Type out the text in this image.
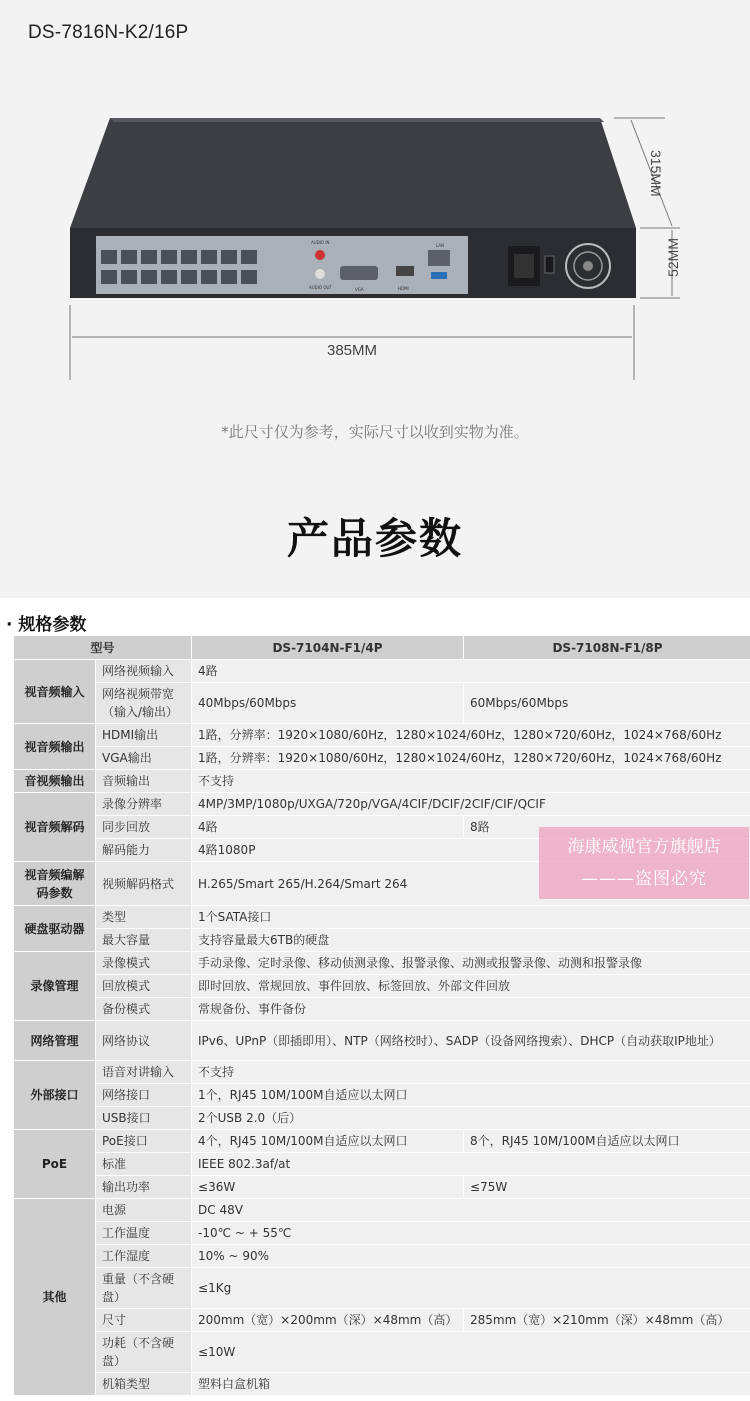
DS-7816N-K2/16P
AUDIO IN
AUDIO OUT	VGA	HDMI
LAN
315MM
52MM
385MM
*此尺寸仅为参考，实际尺寸以收到实物为准。
产品参数
· 规格参数
型号		DS-7104N-F1/4P	DS-7108N-F1/8P
视音频输入	网络视频输入	4路	
	网络视频带宽（输入/输出）	40Mbps/60Mbps	60Mbps/60Mbps
视音频输出	HDMI输出	1路，分辨率：1920×1080/60Hz，1280×1024/60Hz，1280×720/60Hz，1024×768/60Hz	
	VGA输出	1路，分辨率：1920×1080/60Hz，1280×1024/60Hz，1280×720/60Hz，1024×768/60Hz	
音视频输出	音频输出	不支持	
视音频解码	录像分辨率	4MP/3MP/1080p/UXGA/720p/VGA/4CIF/DCIF/2CIF/CIF/QCIF	
	同步回放	4路	8路
	解码能力	4路1080P	
视音频编解码参数	视频解码格式	H.265/Smart 265/H.264/Smart 264	
硬盘驱动器	类型	1个SATA接口	
	最大容量	支持容量最大6TB的硬盘	
录像管理	录像模式	手动录像、定时录像、移动侦测录像、报警录像、动测或报警录像、动测和报警录像	
	回放模式	即时回放、常规回放、事件回放、标签回放、外部文件回放	
	备份模式	常规备份、事件备份	
网络管理	网络协议	IPv6、UPnP（即插即用）、NTP（网络校时）、SADP（设备网络搜索）、DHCP（自动获取IP地址）	
外部接口	语音对讲输入	不支持	
	网络接口	1个，RJ45 10M/100M自适应以太网口	
	USB接口	2个USB 2.0（后）	
PoE	PoE接口	4个，RJ45 10M/100M自适应以太网口	8个，RJ45 10M/100M自适应以太网口
	标准	IEEE 802.3af/at	
	输出功率	≤36W	≤75W
其他	电源	DC 48V	
	工作温度	-10℃ ~ + 55℃	
	工作湿度	10% ~ 90%	
	重量（不含硬盘）	≤1Kg	
	尺寸	200mm（宽）×200mm（深）×48mm（高）	285mm（宽）×210mm（深）×48mm（高）
	功耗（不含硬盘）	≤10W	
	机箱类型	塑料白盒机箱	
海康威视官方旗舰店
———盗图必究
